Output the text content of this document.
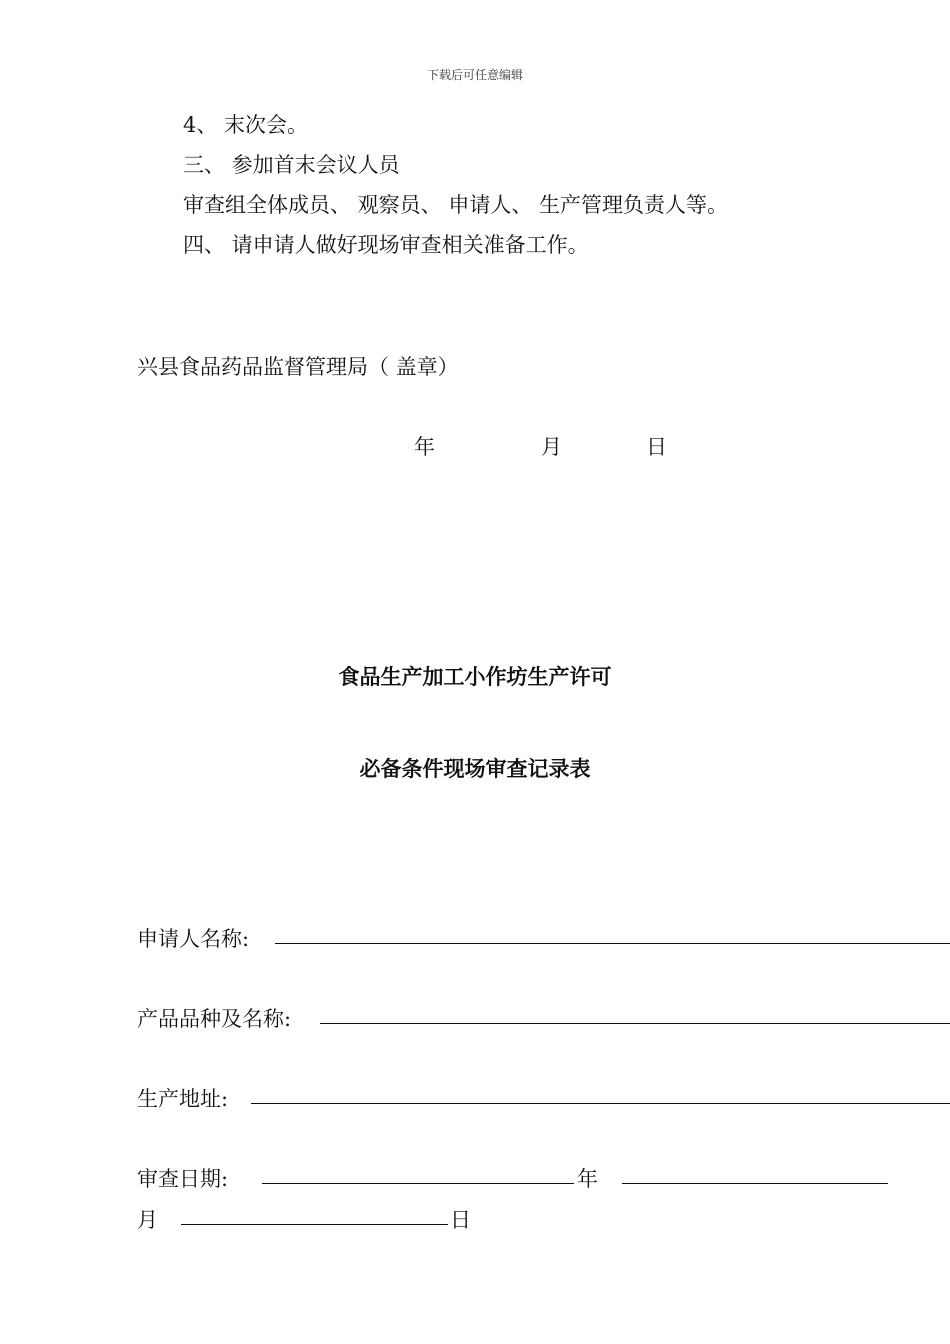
下载后可任意编辑
4、 末次会。
三、 参加首末会议人员
审查组全体成员、 观察员、 申请人、 生产管理负责人等。
四、 请申请人做好现场审查相关准备工作。
兴县食品药品监督管理局（ 盖章）
年	月	日
食品生产加工小作坊生产许可
必备条件现场审查记录表
申请人名称:
产品品种及名称:
生产地址:
审查日期:	年
月	日
